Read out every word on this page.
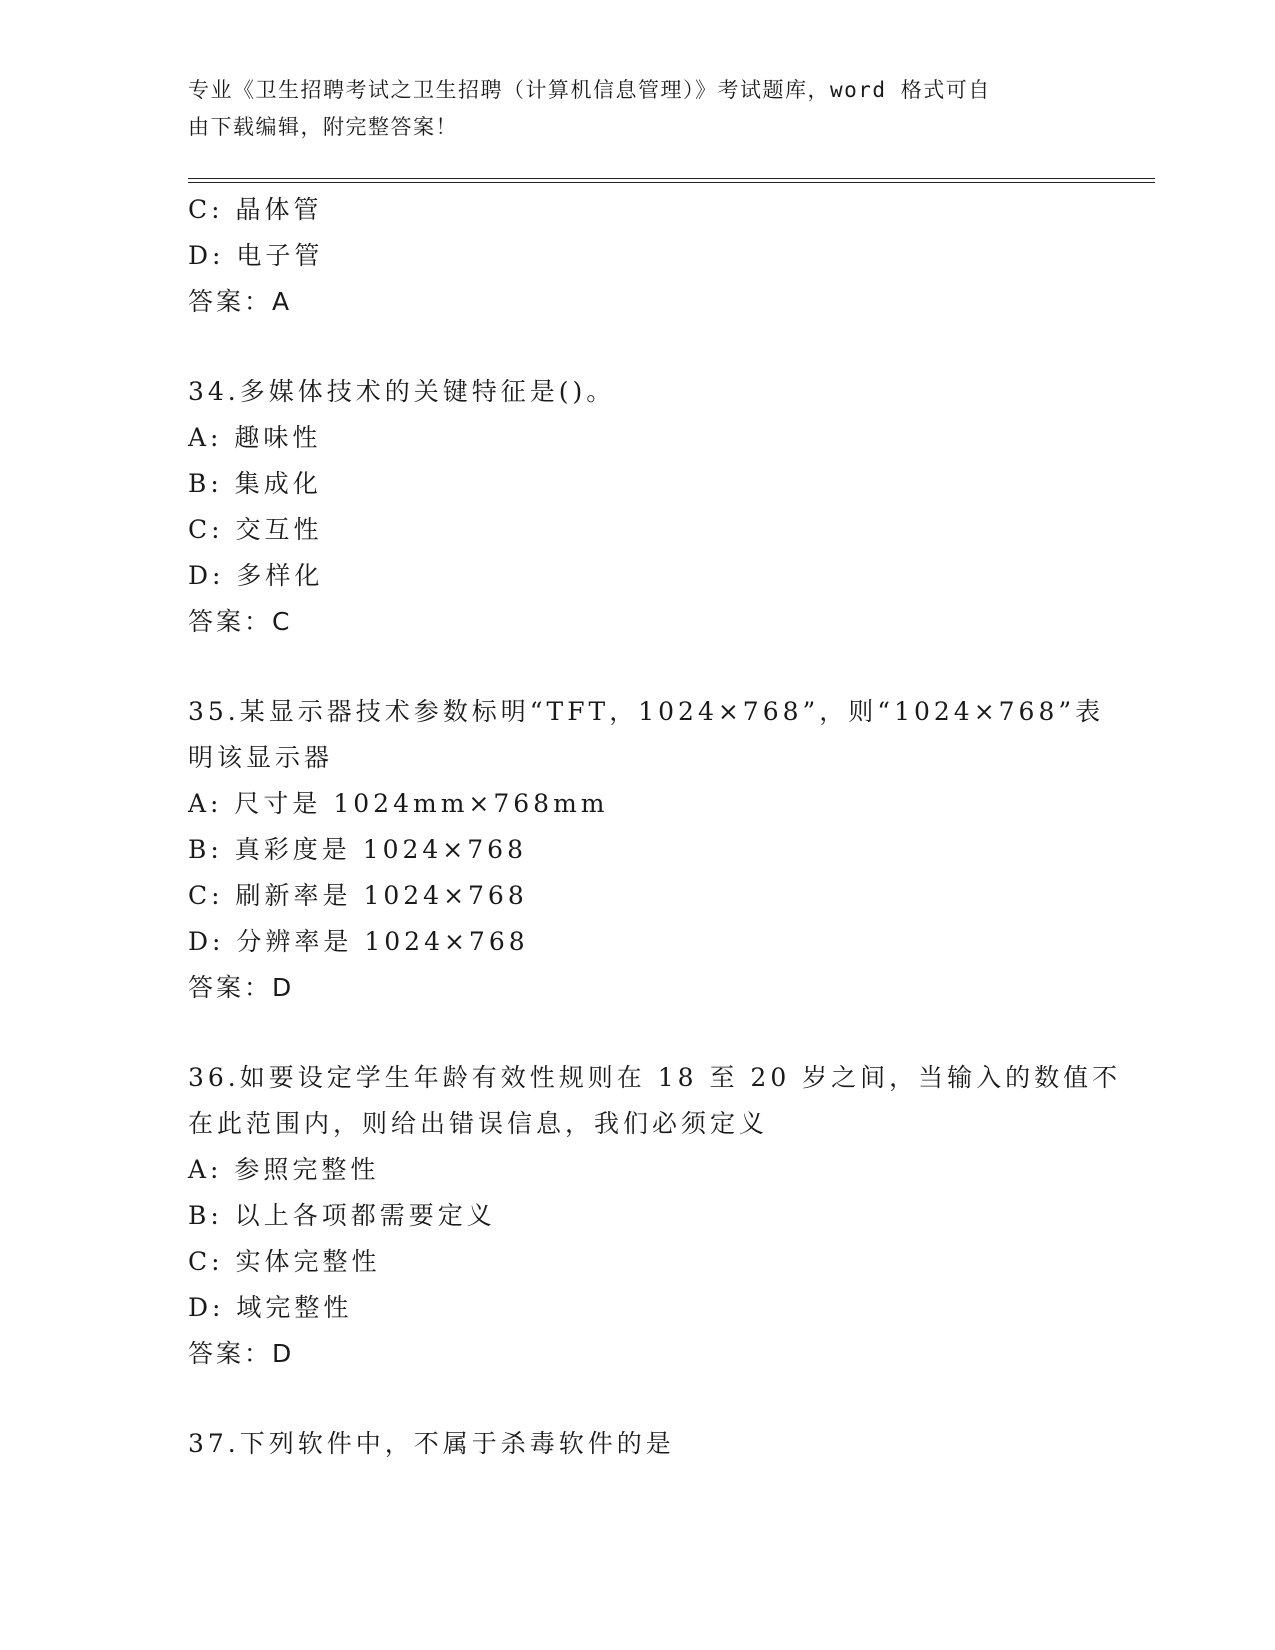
专业《卫生招聘考试之卫生招聘（计算机信息管理）》考试题库，word 格式可自
由下载编辑，附完整答案！
C: 晶体管
D: 电子管
答案：A
34.多媒体技术的关键特征是()。
A: 趣味性
B: 集成化
C: 交互性
D: 多样化
答案：C
35.某显示器技术参数标明“TFT，1024×768”，则“1024×768”表
明该显示器
A: 尺寸是 1024mm×768mm
B: 真彩度是 1024×768
C: 刷新率是 1024×768
D: 分辨率是 1024×768
答案：D
36.如要设定学生年龄有效性规则在 18 至 20 岁之间，当输入的数值不
在此范围内，则给出错误信息，我们必须定义
A: 参照完整性
B: 以上各项都需要定义
C: 实体完整性
D: 域完整性
答案：D
37.下列软件中，不属于杀毒软件的是
